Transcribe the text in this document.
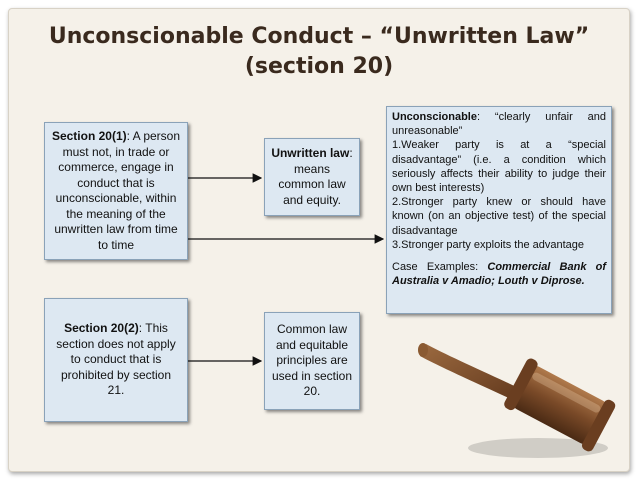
Unconscionable Conduct – “Unwritten Law”
(section 20)
Section 20(1): A person must not, in trade or commerce, engage in conduct that is unconscionable, within the meaning of the unwritten law from time to time
Unwritten law: means common law and equity.
Section 20(2): This section does not apply to conduct that is prohibited by section 21.
Common law and equitable principles are used in section 20.

Unconscionable: “clearly unfair and unreasonable”

1.Weaker party is at a “special disadvantage” (i.e. a condition which seriously affects their ability to judge their own best interests)

2.Stronger party knew or should have known (on an objective test) of the special disadvantage

3.Stronger party exploits the advantage

Case Examples: Commercial Bank of Australia v Amadio; Louth v Diprose.
